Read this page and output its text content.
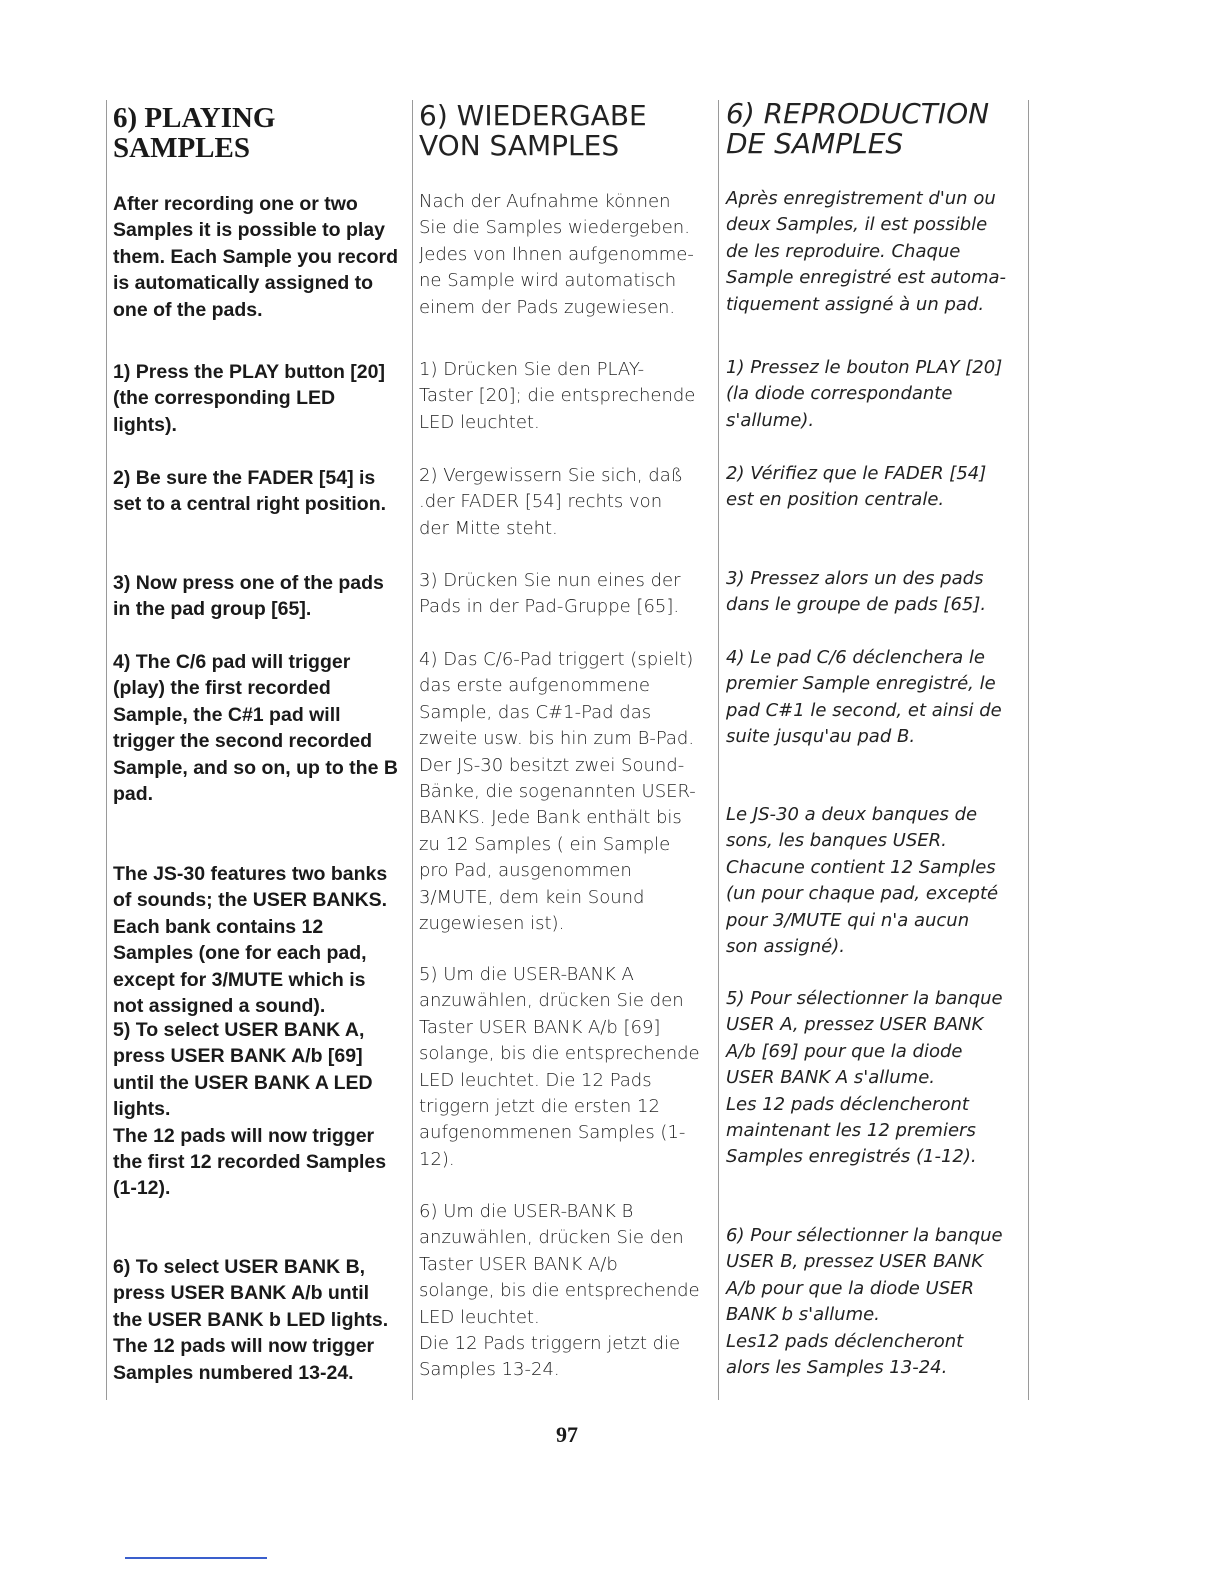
6) PLAYING
SAMPLES
After recording one or two
Samples it is possible to play
them. Each Sample you record
is automatically assigned to
one of the pads.
1) Press the PLAY button [20]
(the corresponding LED
lights).
2) Be sure the FADER [54] is
set to a central right position.
3) Now press one of the pads
in the pad group [65].
4) The C/6 pad will trigger
(play) the first recorded
Sample, the C#1 pad will
trigger the second recorded
Sample, and so on, up to the B
pad.
The JS-30 features two banks
of sounds; the USER BANKS.
Each bank contains 12
Samples (one for each pad,
except for 3/MUTE which is
not assigned a sound).
5) To select USER BANK A,
press USER BANK A/b [69]
until the USER BANK A LED
lights.
The 12 pads will now trigger
the first 12 recorded Samples
(1-12).
6) To select USER BANK B,
press USER BANK A/b until
the USER BANK b LED lights.
The 12 pads will now trigger
Samples numbered 13-24.
6) WIEDERGABE
VON SAMPLES
Nach der Aufnahme können
Sie die Samples wiedergeben.
Jedes von Ihnen aufgenomme-
ne Sample wird automatisch
einem der Pads zugewiesen.
1) Drücken Sie den PLAY-
Taster [20]; die entsprechende
LED leuchtet.
2) Vergewissern Sie sich, daß
.der FADER [54] rechts von
der Mitte steht.
3) Drücken Sie nun eines der
Pads in der Pad-Gruppe [65].
4) Das C/6-Pad triggert (spielt)
das erste aufgenommene
Sample, das C#1-Pad das
zweite usw. bis hin zum B-Pad.
Der JS-30 besitzt zwei Sound-
Bänke, die sogenannten USER-
BANKS. Jede Bank enthält bis
zu 12 Samples ( ein Sample
pro Pad, ausgenommen
3/MUTE, dem kein Sound
zugewiesen ist).
5) Um die USER-BANK A
anzuwählen, drücken Sie den
Taster USER BANK A/b [69]
solange, bis die entsprechende
LED leuchtet. Die 12 Pads
triggern jetzt die ersten 12
aufgenommenen Samples (1-
12).
6) Um die USER-BANK B
anzuwählen, drücken Sie den
Taster USER BANK A/b
solange, bis die entsprechende
LED leuchtet.
Die 12 Pads triggern jetzt die
Samples 13-24.
6) REPRODUCTION
DE SAMPLES
Après enregistrement d'un ou
deux Samples, il est possible
de les reproduire. Chaque
Sample enregistré est automa-
tiquement assigné à un pad.
1) Pressez le bouton PLAY [20]
(la diode correspondante
s'allume).
2) Vérifiez que le FADER [54]
est en position centrale.
3) Pressez alors un des pads
dans le groupe de pads [65].
4) Le pad C/6 déclenchera le
premier Sample enregistré, le
pad C#1 le second, et ainsi de
suite jusqu'au pad B.
Le JS-30 a deux banques de
sons, les banques USER.
Chacune contient 12 Samples
(un pour chaque pad, excepté
pour 3/MUTE qui n'a aucun
son assigné).
5) Pour sélectionner la banque
USER A, pressez USER BANK
A/b [69] pour que la diode
USER BANK A s'allume.
Les 12 pads déclencheront
maintenant les 12 premiers
Samples enregistrés (1-12).
6) Pour sélectionner la banque
USER B, pressez USER BANK
A/b pour que la diode USER
BANK b s'allume.
Les12 pads déclencheront
alors les Samples 13-24.
97
